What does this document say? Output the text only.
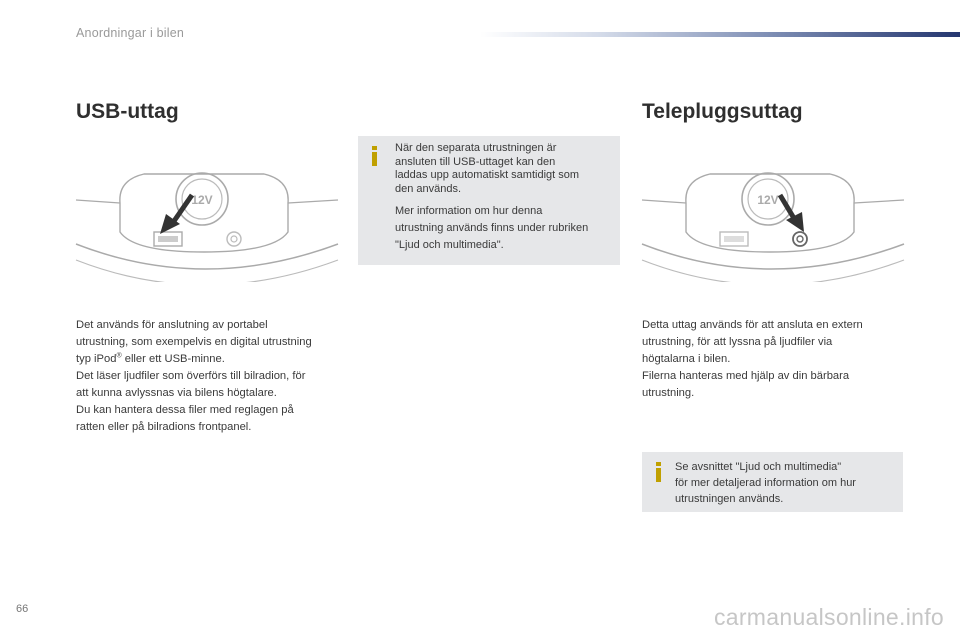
Anordningar i bilen
USB-uttag
12V

Det används för anslutning av portabel

utrustning, som exempelvis en digital utrustning

typ iPod® eller ett USB-minne.

Det läser ljudfiler som överförs till bilradion, för

att kunna avlyssnas via bilens högtalare.

Du kan hantera dessa filer med reglagen på

ratten eller på bilradions frontpanel.

När den separata utrustningen är

ansluten till USB-uttaget kan den

laddas upp automatiskt samtidigt som

den används.

Mer information om hur denna
utrustning används finns under rubriken
"Ljud och multimedia".

Telepluggsuttag
12V

Detta uttag används för att ansluta en extern

utrustning, för att lyssna på ljudfiler via

högtalarna i bilen.

Filerna hanteras med hjälp av din bärbara

utrustning.

Se avsnittet "Ljud och multimedia"

för mer detaljerad information om hur

utrustningen används.

66	carmanualsonline.info
